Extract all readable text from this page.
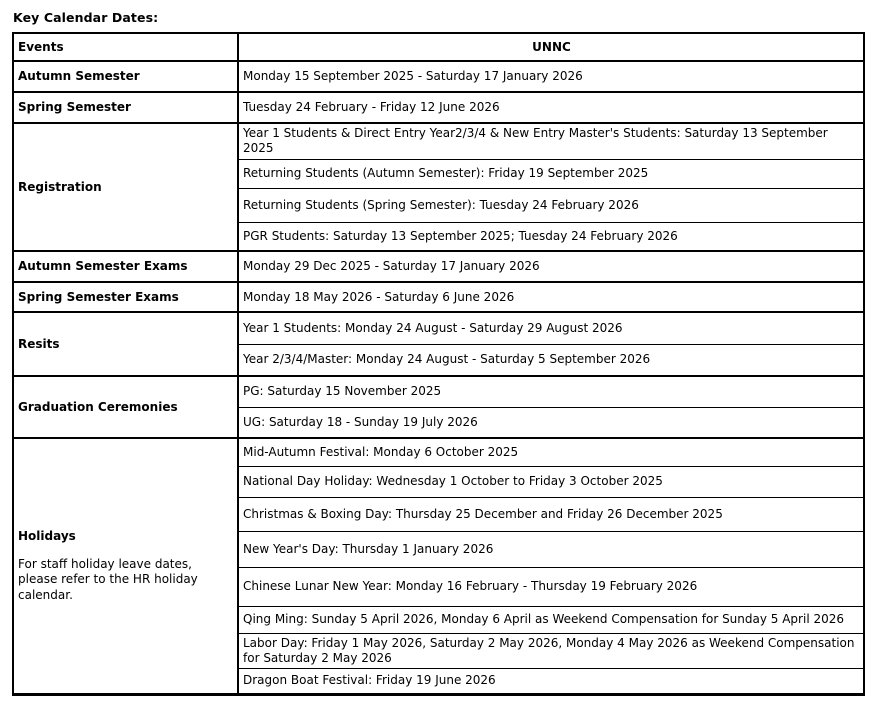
Key Calendar Dates:
Events	UNNC
Autumn Semester	Monday 15 September 2025 - Saturday 17 January 2026
Spring Semester	Tuesday 24 February - Friday 12 June 2026
Registration	Year 1 Students & Direct Entry Year2/3/4 & New Entry Master's Students: Saturday 13 September 2025
	Returning Students (Autumn Semester): Friday 19 September 2025
	Returning Students (Spring Semester): Tuesday 24 February 2026
	PGR Students: Saturday 13 September 2025; Tuesday 24 February 2026
Autumn Semester Exams	Monday 29 Dec 2025 - Saturday 17 January 2026
Spring Semester Exams	Monday 18 May 2026 - Saturday 6 June 2026
Resits	Year 1 Students: Monday 24 August - Saturday 29 August 2026
	Year 2/3/4/Master: Monday 24 August - Saturday 5 September 2026
Graduation Ceremonies	PG: Saturday 15 November 2025
	UG: Saturday 18 - Sunday 19 July 2026

Holidays
For staff holiday leave dates, please refer to the HR holiday calendar.	Mid-Autumn Festival: Monday 6 October 2025
	National Day Holiday: Wednesday 1 October to Friday 3 October 2025
	Christmas & Boxing Day: Thursday 25 December and Friday 26 December 2025
	New Year's Day: Thursday 1 January 2026
	Chinese Lunar New Year: Monday 16 February - Thursday 19 February 2026
	Qing Ming: Sunday 5 April 2026, Monday 6 April as Weekend Compensation for Sunday 5 April 2026
	Labor Day: Friday 1 May 2026, Saturday 2 May 2026, Monday 4 May 2026 as Weekend Compensation for Saturday 2 May 2026
	Dragon Boat Festival: Friday 19 June 2026
